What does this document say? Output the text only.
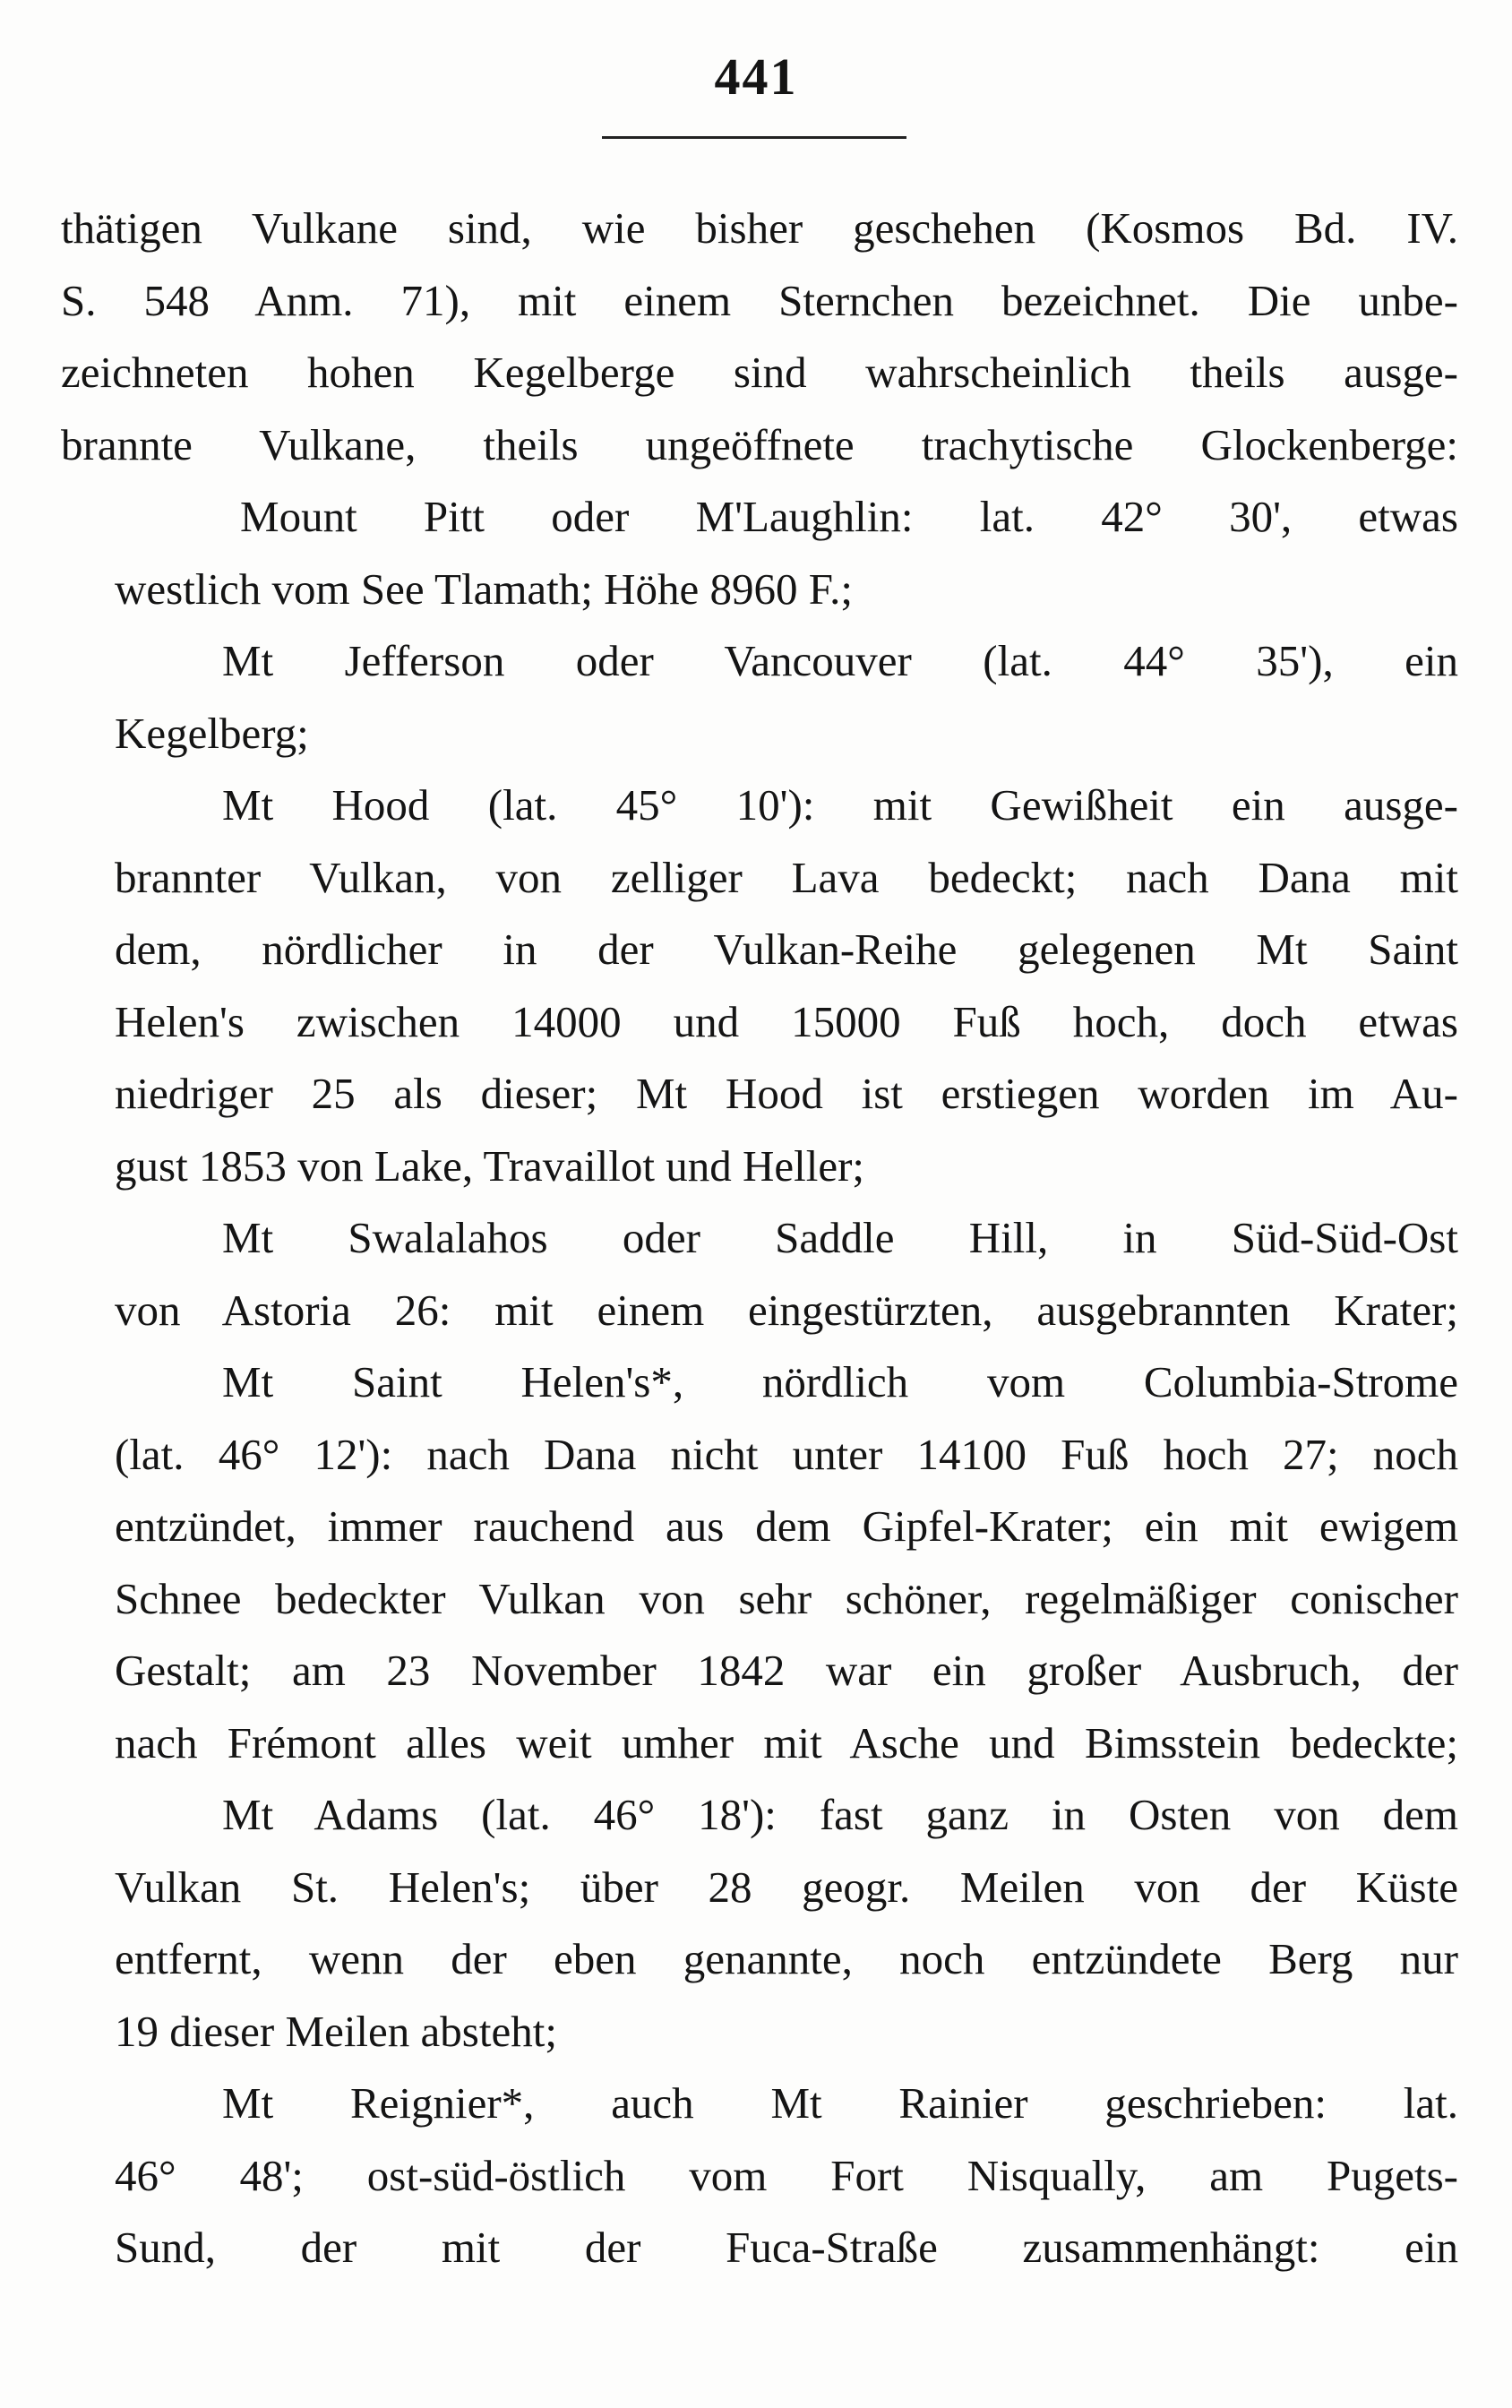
441
thätigen Vulkane sind, wie bisher geschehen (Kosmos Bd. IV.
S. 548 Anm. 71), mit einem Sternchen bezeichnet. Die unbe-
zeichneten hohen Kegelberge sind wahrscheinlich theils ausge-
brannte Vulkane, theils ungeöffnete trachytische Glockenberge:
Mount Pitt oder M'Laughlin: lat. 42° 30', etwas
westlich vom See Tlamath; Höhe 8960 F.;
Mt Jefferson oder Vancouver (lat. 44° 35'), ein
Kegelberg;
Mt Hood (lat. 45° 10'): mit Gewißheit ein ausge-
brannter Vulkan, von zelliger Lava bedeckt; nach Dana mit
dem, nördlicher in der Vulkan-Reihe gelegenen Mt Saint
Helen's zwischen 14000 und 15000 Fuß hoch, doch etwas
niedriger 25 als dieser; Mt Hood ist erstiegen worden im Au-
gust 1853 von Lake, Travaillot und Heller;
Mt Swalalahos oder Saddle Hill, in Süd-Süd-Ost
von Astoria 26: mit einem eingestürzten, ausgebrannten Krater;
Mt Saint Helen's*, nördlich vom Columbia-Strome
(lat. 46° 12'): nach Dana nicht unter 14100 Fuß hoch 27; noch
entzündet, immer rauchend aus dem Gipfel-Krater; ein mit ewigem
Schnee bedeckter Vulkan von sehr schöner, regelmäßiger conischer
Gestalt; am 23 November 1842 war ein großer Ausbruch, der
nach Frémont alles weit umher mit Asche und Bimsstein bedeckte;
Mt Adams (lat. 46° 18'): fast ganz in Osten von dem
Vulkan St. Helen's; über 28 geogr. Meilen von der Küste
entfernt, wenn der eben genannte, noch entzündete Berg nur
19 dieser Meilen absteht;
Mt Reignier*, auch Mt Rainier geschrieben: lat.
46° 48'; ost-süd-östlich vom Fort Nisqually, am Pugets-
Sund, der mit der Fuca-Straße zusammenhängt: ein
